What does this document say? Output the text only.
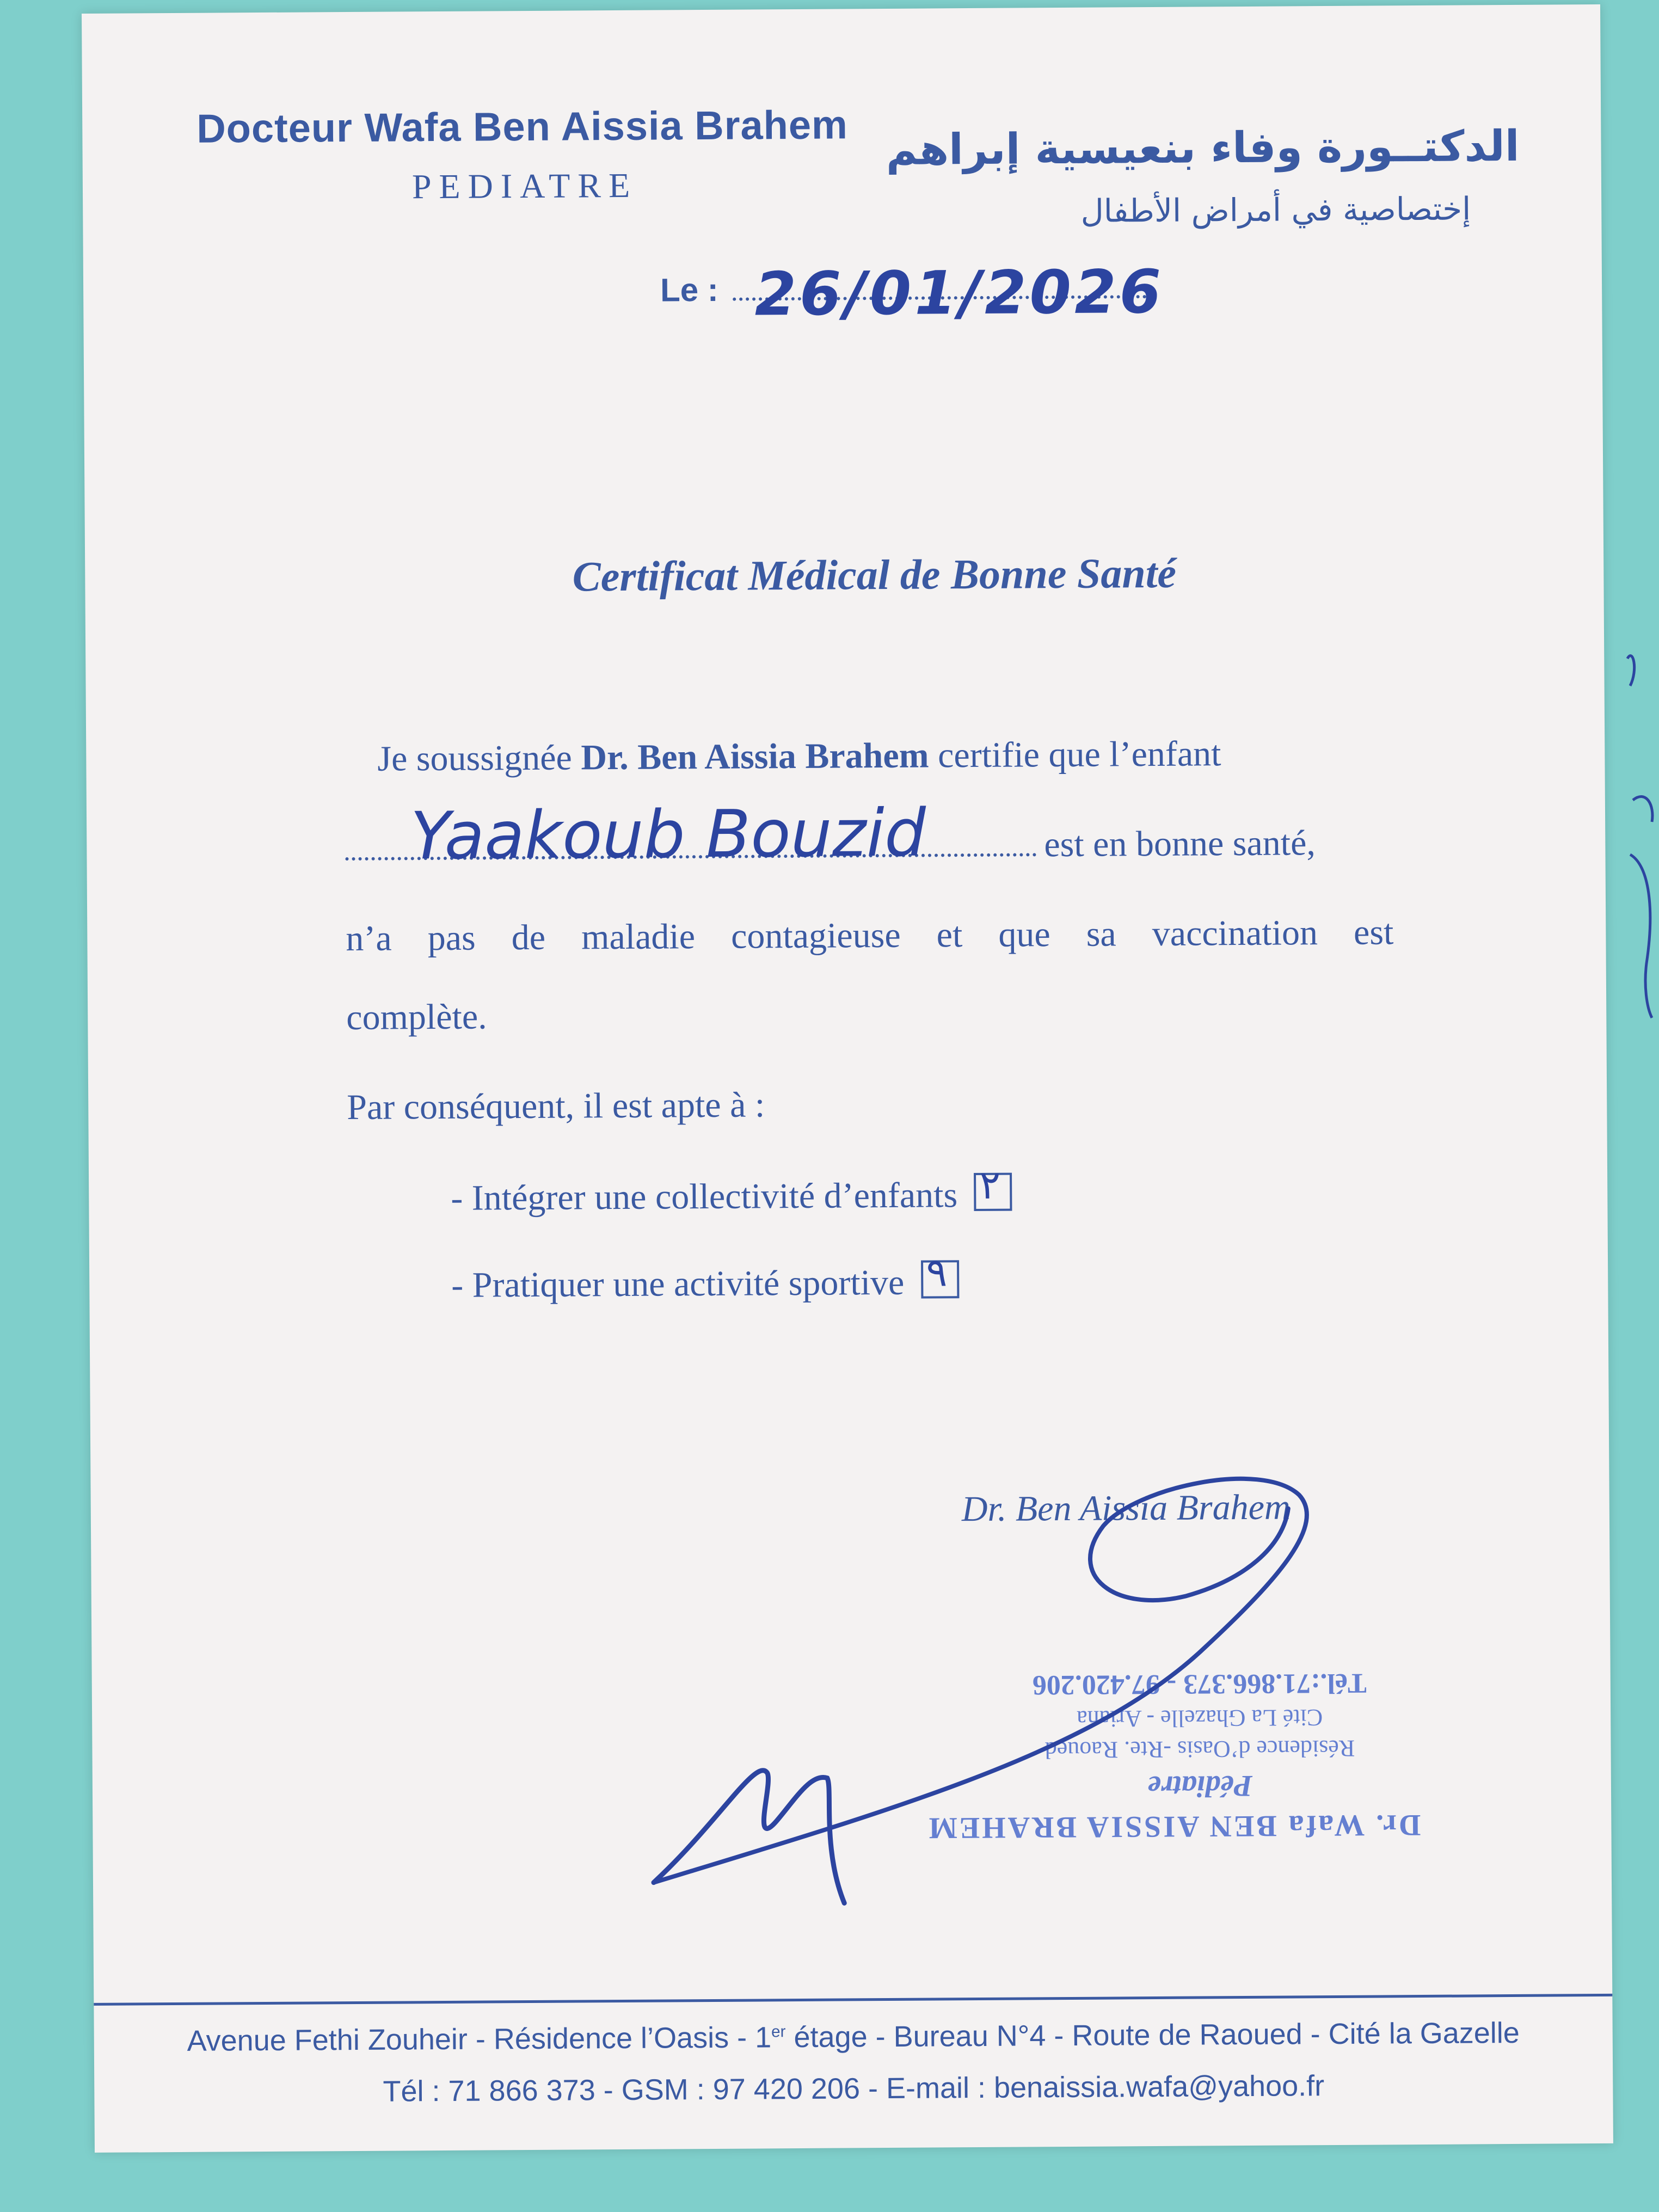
Docteur Wafa Ben Aissia Brahem
PEDIATRE
الدكتــورة وفاء بنعيسية إبراهم
إختصاصية في أمراض الأطفال
Le : 26/01/2026
Certificat Médical de Bonne Santé
Je soussignée Dr. Ben Aissia Brahem certifie que l’enfant
Yaakoub Bouzid	est en bonne santé,
n’a pas de maladie contagieuse et que sa vaccination est
complète.
Par conséquent, il est apte à :
- Intégrer une collectivité d’enfants ٢
- Pratiquer une activité sportive ٩
Dr. Ben Aissia Brahem
Dr. Wafa BEN AISSIA BRAHEM
Pédiatre
Résidence d’Oasis -Rte. Raoued
Cité La Ghazelle - Ariana
Tél.:71.866.373 - 97.420.206
Avenue Fethi Zouheir - Résidence l’Oasis - 1er étage - Bureau N°4 - Route de Raoued - Cité la Gazelle
Tél : 71 866 373 - GSM : 97 420 206 - E-mail : benaissia.wafa@yahoo.fr
